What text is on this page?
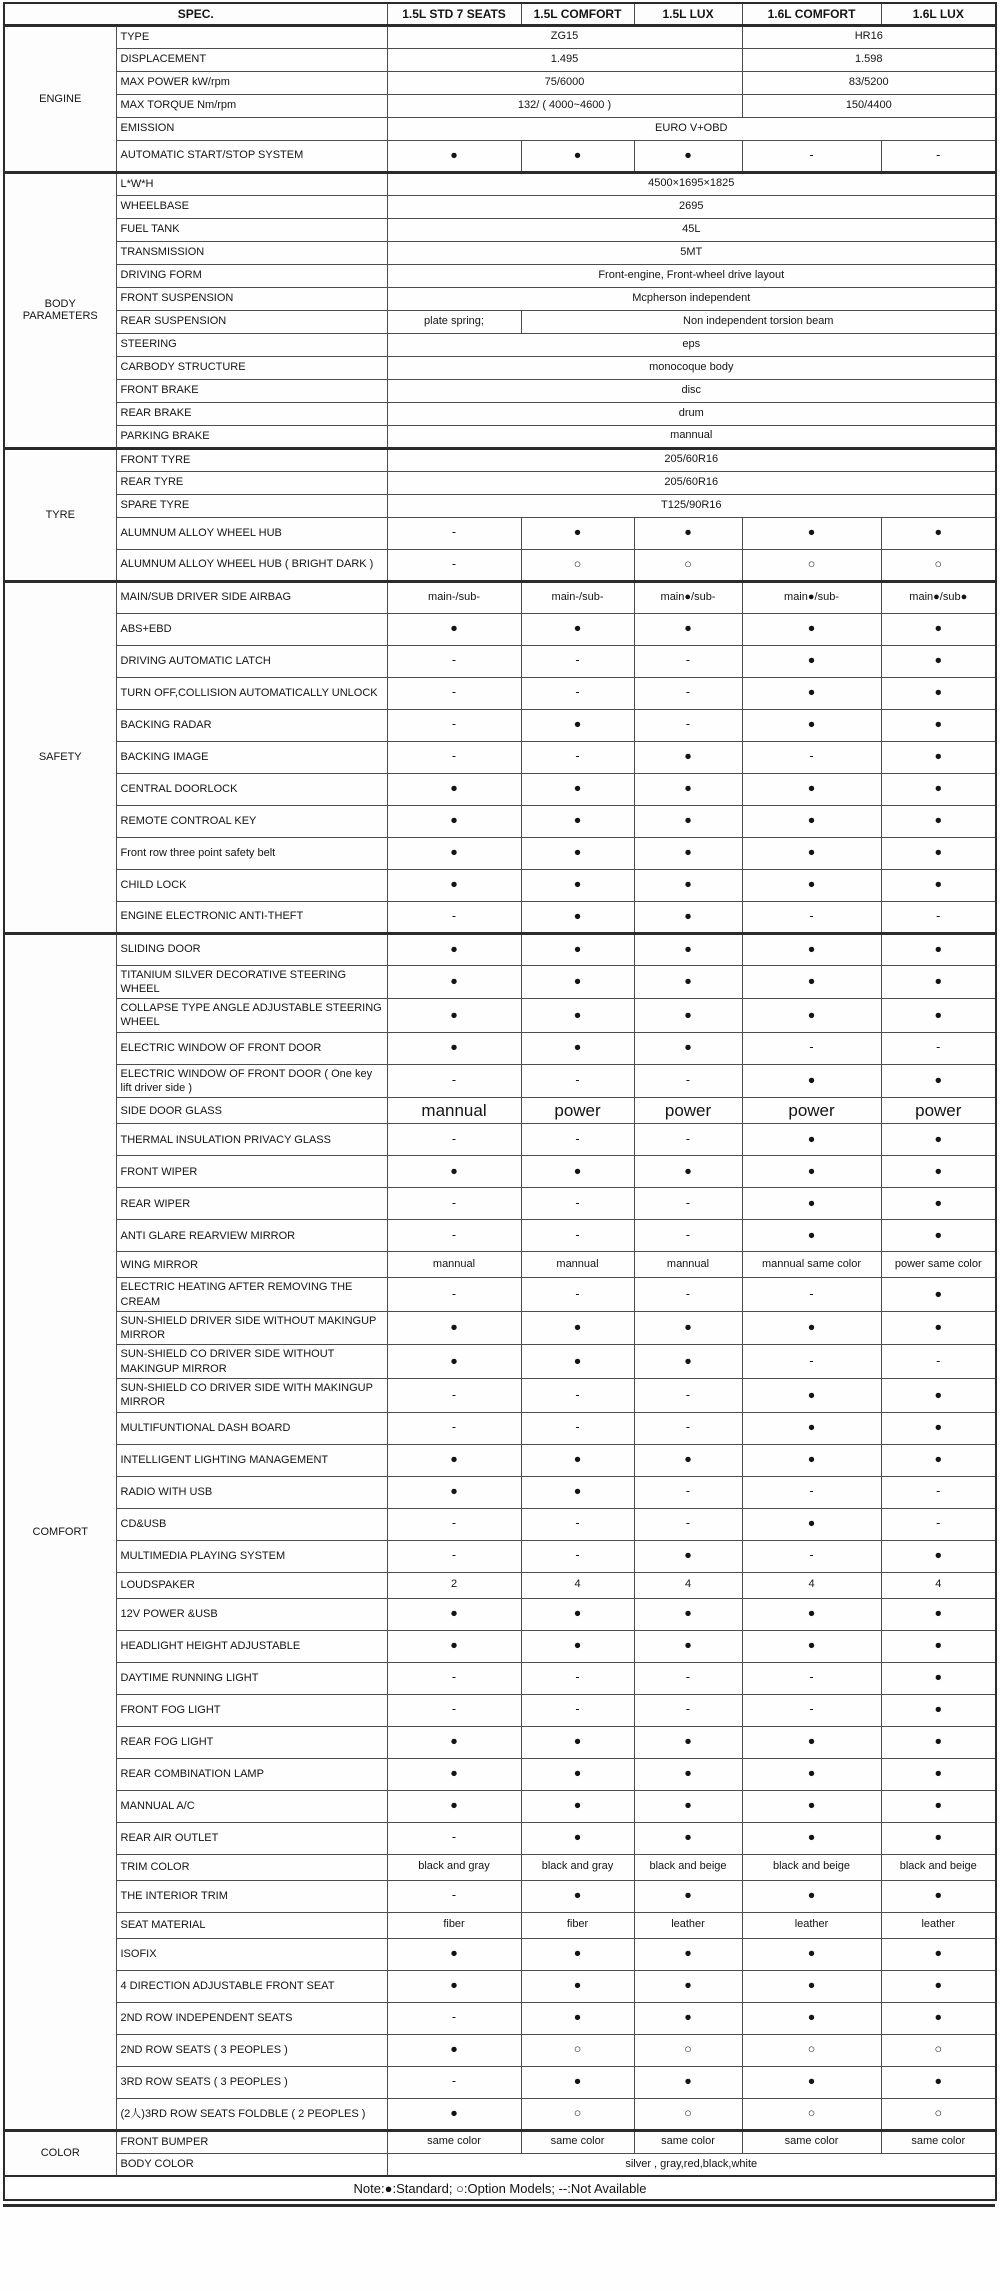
SPEC.		1.5L STD 7 SEATS	1.5L COMFORT	1.5L LUX	1.6L COMFORT	1.6L LUX
Note:●:Standard; ○:Option Models; --:Not Available						
ENGINE	TYPE	ZG15			HR16	
	DISPLACEMENT	1.495			1.598	
	MAX POWER kW/rpm	75/6000			83/5200	
	MAX TORQUE Nm/rpm	132/ ( 4000~4600 )			150/4400	
	EMISSION	EURO V+OBD				
	AUTOMATIC START/STOP SYSTEM	●	●	●	-	-
BODY PARAMETERS	L*W*H	4500×1695×1825				
	WHEELBASE	2695				
	FUEL TANK	45L				
	TRANSMISSION	5MT				
	DRIVING FORM	Front-engine, Front-wheel drive layout				
	FRONT SUSPENSION	Mcpherson independent				
	REAR SUSPENSION	plate spring;	Non independent torsion beam			
	STEERING	eps				
	CARBODY STRUCTURE	monocoque body				
	FRONT BRAKE	disc				
	REAR BRAKE	drum				
	PARKING BRAKE	mannual				
TYRE	FRONT TYRE	205/60R16				
	REAR TYRE	205/60R16				
	SPARE TYRE	T125/90R16				
	ALUMNUM ALLOY WHEEL HUB	-	●	●	●	●
	ALUMNUM ALLOY WHEEL HUB ( BRIGHT DARK )	-	○	○	○	○
SAFETY	MAIN/SUB DRIVER SIDE AIRBAG	main-/sub-	main-/sub-	main●/sub-	main●/sub-	main●/sub●
	ABS+EBD	●	●	●	●	●
	DRIVING AUTOMATIC LATCH	-	-	-	●	●
	TURN OFF,COLLISION AUTOMATICALLY UNLOCK	-	-	-	●	●
	BACKING RADAR	-	●	-	●	●
	BACKING IMAGE	-	-	●	-	●
	CENTRAL DOORLOCK	●	●	●	●	●
	REMOTE CONTROAL KEY	●	●	●	●	●
	Front row three point safety belt	●	●	●	●	●
	CHILD LOCK	●	●	●	●	●
	ENGINE ELECTRONIC ANTI-THEFT	-	●	●	-	-
COMFORT	SLIDING DOOR	●	●	●	●	●
	TITANIUM SILVER DECORATIVE STEERING WHEEL	●	●	●	●	●
	COLLAPSE TYPE ANGLE ADJUSTABLE STEERING WHEEL	●	●	●	●	●
	ELECTRIC WINDOW OF FRONT DOOR	●	●	●	-	-
	ELECTRIC WINDOW OF FRONT DOOR ( One key lift driver side )	-	-	-	●	●
	SIDE DOOR GLASS	mannual	power	power	power	power
	THERMAL INSULATION PRIVACY GLASS	-	-	-	●	●
	FRONT WIPER	●	●	●	●	●
	REAR WIPER	-	-	-	●	●
	ANTI GLARE REARVIEW MIRROR	-	-	-	●	●
	WING MIRROR	mannual	mannual	mannual	mannual same color	power same color
	ELECTRIC HEATING AFTER REMOVING THE CREAM	-	-	-	-	●
	SUN-SHIELD DRIVER SIDE WITHOUT MAKINGUP MIRROR	●	●	●	●	●
	SUN-SHIELD CO DRIVER SIDE WITHOUT MAKINGUP MIRROR	●	●	●	-	-
	SUN-SHIELD CO DRIVER SIDE WITH MAKINGUP MIRROR	-	-	-	●	●
	MULTIFUNTIONAL DASH BOARD	-	-	-	●	●
	INTELLIGENT LIGHTING MANAGEMENT	●	●	●	●	●
	RADIO WITH USB	●	●	-	-	-
	CD&USB	-	-	-	●	-
	MULTIMEDIA PLAYING SYSTEM	-	-	●	-	●
	LOUDSPAKER	2	4	4	4	4
	12V POWER &USB	●	●	●	●	●
	HEADLIGHT HEIGHT ADJUSTABLE	●	●	●	●	●
	DAYTIME RUNNING LIGHT	-	-	-	-	●
	FRONT FOG LIGHT	-	-	-	-	●
	REAR FOG LIGHT	●	●	●	●	●
	REAR COMBINATION LAMP	●	●	●	●	●
	MANNUAL A/C	●	●	●	●	●
	REAR AIR OUTLET	-	●	●	●	●
	TRIM COLOR	black and gray	black and gray	black and beige	black and beige	black and beige
	THE INTERIOR TRIM	-	●	●	●	●
	SEAT MATERIAL	fiber	fiber	leather	leather	leather
	ISOFIX	●	●	●	●	●
	4 DIRECTION ADJUSTABLE FRONT SEAT	●	●	●	●	●
	2ND ROW INDEPENDENT SEATS	-	●	●	●	●
	2ND ROW SEATS ( 3 PEOPLES )	●	○	○	○	○
	3RD ROW SEATS ( 3 PEOPLES )	-	●	●	●	●
	(2人)3RD ROW SEATS FOLDBLE ( 2 PEOPLES )	●	○	○	○	○
COLOR	FRONT BUMPER	same color	same color	same color	same color	same color
	BODY COLOR	silver , gray,red,black,white				
